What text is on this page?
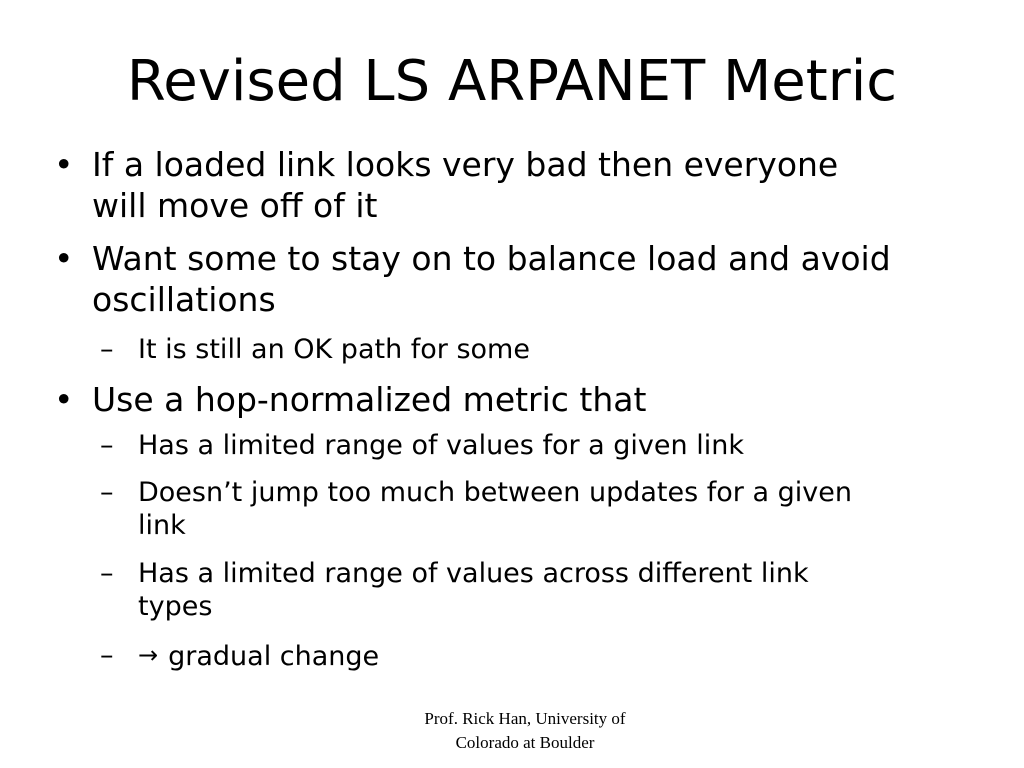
Revised LS ARPANET Metric
• If a loaded link looks very bad then everyone
will move off of it
• Want some to stay on to balance load and avoid
oscillations
– It is still an OK path for some
• Use a hop-normalized metric that
– Has a limited range of values for a given link
– Doesn’t jump too much between updates for a given
link
– Has a limited range of values across different link
types
–	→ gradual change
Prof. Rick Han, University of
Colorado at Boulder
